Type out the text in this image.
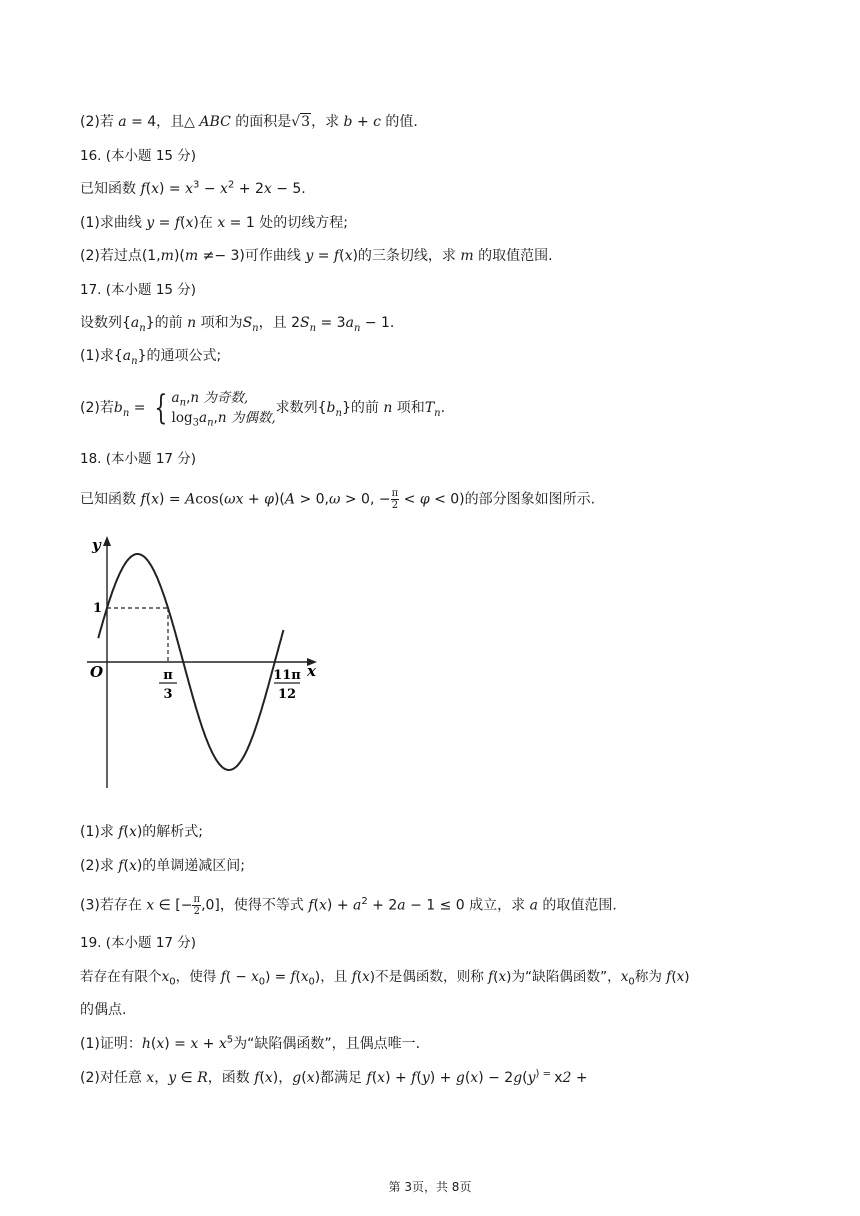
(2)若 a = 4，且△ ABC 的面积是√3，求 b + c 的值.
16. (本小题 15 分)
已知函数 $f(x) = x^3 - x^2 + 2x - 5$.
(1)求曲线 y = f(x)在 x = 1 处的切线方程;
(2)若过点(1,m)(m ≠− 3)可作曲线 y = f(x)的三条切线，求 m 的取值范围.
17. (本小题 15 分)
设数列$\{a_n\}$的前 n 项和为$S_n$，且 $2S_n = 3a_n - 1$.
(1)求$\{a_n\}$的通项公式;
(2)若$b_n$ = { $a_n,n$ 为奇数,
$\log_3a_n,n$ 为偶数,
求数列$\{b_n\}$的前 n 项和$T_n$.
18. (本小题 17 分)
已知函数 f(x) = Acos(ωx + φ)(A > 0,ω > 0, − $\frac{\pi}{2} < \varphi < 0$)的部分图象如图所示.
y
x
O
1
π
3
11π
12
(1)求 f(x)的解析式;
(2)求 f(x)的单调递减区间;
(3)若存在 x ∈ [− $\frac{\pi}{2} ,0$]，使得不等式 $f(x) + a^2 + 2a - 1 \le 0$ 成立，求 a 的取值范围.
19. (本小题 17 分)
若存在有限个$x_0$，使得 $f( - x_0) = f(x_0)$，且 f(x)不是偶函数，则称 f(x)为“缺陷偶函数”，$x_0$称为 f(x)
的偶点.
(1)证明：$h(x) = x + x^5$为“缺陷偶函数”，且偶点唯一.
(2)对任意 x，y ∈ R，函数 f(x)，g(x)都满足 f(x) + f(y) + g(x) − 2g(y) = x2 +
第 3页，共 8页
